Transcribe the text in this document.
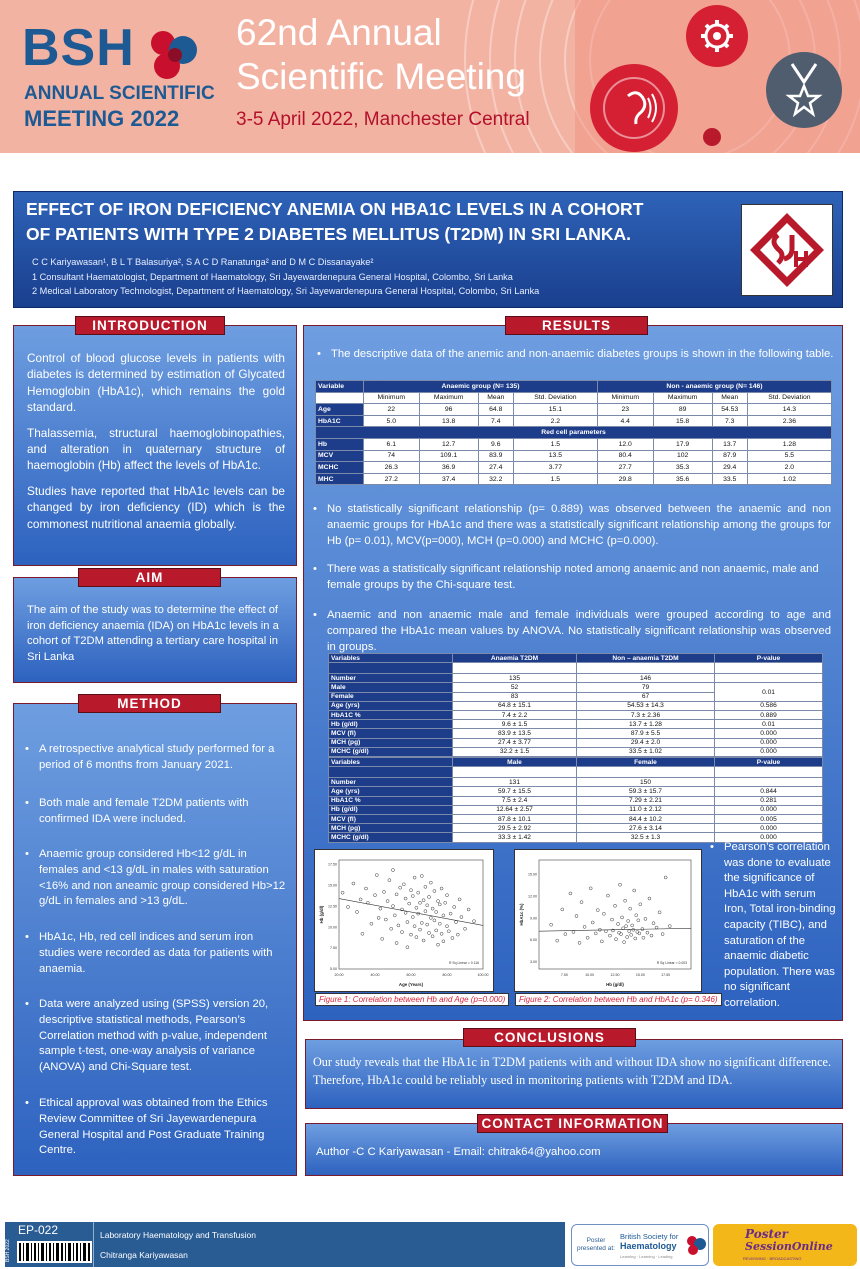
BSH
ANNUAL SCIENTIFIC
MEETING 2022
62nd Annual
Scientific Meeting
3-5 April 2022, Manchester Central
EFFECT OF IRON DEFICIENCY ANEMIA ON HBA1C LEVELS IN A COHORT
OF PATIENTS WITH TYPE 2 DIABETES MELLITUS (T2DM) IN SRI LANKA.
C C Kariyawasan¹, B L T Balasuriya², S A C D Ranatunga² and D M C Dissanayake²
1 Consultant Haematologist, Department of Haematology, Sri Jayewardenepura General Hospital, Colombo, Sri Lanka
2 Medical Laboratory Technologist, Department of Haematology, Sri Jayewardenepura General Hospital, Colombo, Sri Lanka
INTRODUCTION

Control of blood glucose levels in patients with diabetes is determined by estimation of Glycated Hemoglobin (HbA1c), which remains the gold standard.

Thalassemia, structural haemoglobinopathies, and alteration in quaternary structure of haemoglobin (Hb) affect the levels of HbA1c.

Studies have reported that HbA1c levels can be changed by iron deficiency (ID) which is the commonest nutritional anaemia globally.

AIM
The aim of the study was to determine the effect of iron deficiency anaemia (IDA) on HbA1c levels in a cohort of T2DM attending a tertiary care hospital in Sri Lanka
METHOD
• A retrospective analytical study performed for a period of 6 months from January 2021.
• Both male and female T2DM patients with confirmed IDA were included.
• Anaemic group considered Hb<12 g/dL in females and <13 g/dL in males with saturation <16% and non aneamic group considered Hb>12 g/dL in females and >13 g/dL.
• HbA1c, Hb, red cell indices and serum iron studies were recorded as data for patients with anaemia.
• Data were analyzed using (SPSS) version 20, descriptive statistical methods, Pearson’s Correlation method with p-value, independent sample t-test, one-way analysis of variance (ANOVA) and Chi-Square test.
• Ethical approval was obtained from the Ethics Review Committee of Sri Jayewardenepura General Hospital and Post Graduate Training Centre.
RESULTS
• The descriptive data of the anemic and non-anaemic diabetes groups is shown in the following table.
Variable	Anaemic group (N= 135)				Non - anaemic group (N= 146)			
	Minimum	Maximum	Mean	Std. Deviation	Minimum	Maximum	Mean	Std. Deviation
Age	22	96	64.8	15.1	23	89	54.53	14.3
HbA1C	5.0	13.8	7.4	2.2	4.4	15.8	7.3	2.36
Red cell parameters								
Hb	6.1	12.7	9.6	1.5	12.0	17.9	13.7	1.28
MCV	74	109.1	83.9	13.5	80.4	102	87.9	5.5
MCHC	26.3	36.9	27.4	3.77	27.7	35.3	29.4	2.0
MHC	27.2	37.4	32.2	1.5	29.8	35.6	33.5	1.02
• No statistically significant relationship (p= 0.889) was observed between the anaemic and non anaemic groups for HbA1c and there was a statistically significant relationship among the groups for Hb (p= 0.01), MCV(p=000), MCH (p=0.000) and MCHC (p=0.000).
• There was a statistically significant relationship noted among anaemic and non anaemic, male and female groups by the Chi-square test.
• Anaemic and non anaemic male and female individuals were grouped according to age and compared the HbA1c mean values by ANOVA. No statistically significant relationship was observed in groups.
Variables	Anaemia T2DM	Non – anaemia T2DM	P-value

Number	135	146	
Male	52	79	0.01
Female	83	67	
Age (yrs)	64.8 ± 15.1	54.53 ± 14.3	0.586
HbA1C %	7.4 ± 2.2	7.3 ± 2.36	0.889
Hb (g/dl)	9.6 ± 1.5	13.7 ± 1.28	0.01
MCV (fl)	83.9 ± 13.5	87.9 ± 5.5	0.000
MCH (pg)	27.4 ± 3.77	29.4 ± 2.0	0.000
MCHC (g/dl)	32.2 ± 1.5	33.5 ± 1.02	0.000
Variables	Male	Female	P-value

Number	131	150	
Age (yrs)	59.7 ± 15.5	59.3 ± 15.7	0.844
HbA1C %	7.5 ± 2.4	7.29 ± 2.21	0.281
Hb (g/dl)	12.64 ± 2.57	11.0 ± 2.12	0.000
MCV (fl)	87.8 ± 10.1	84.4 ± 10.2	0.005
MCH (pg)	29.5 ± 2.92	27.6 ± 3.14	0.000
MCHC (g/dl)	33.3 ± 1.42	32.5 ± 1.3	0.000
20.00	40.00	60.00	80.00	100.00
5.00
7.50
10.00
12.50
15.00
17.50
R Sq Linear = 0.116
Age (Years)
Hb (g/dl)
Figure 1: Correlation between Hb and Age (p=0.000)
7.50	10.00	12.50	15.00	17.50
3.00
6.00
9.00
12.00
15.00
R Sq Linear = 0.003
Hb (g/dl)
HbA1c (%)
Figure 2: Correlation between Hb and HbA1c (p= 0.346)
• Pearson’s correlation was done to evaluate the significance of HbA1c with serum Iron, Total iron-binding capacity (TIBC), and saturation of the anaemic diabetic population. There was no significant correlation.
CONCLUSIONS
Our study reveals that the HbA1c in T2DM patients with and without IDA show no significant difference. Therefore, HbA1c could be reliably used in monitoring patients with T2DM and IDA.
CONTACT INFORMATION
Author -C C Kariyawasan - Email: chitrak64@yahoo.com
BSH 2022
EP-022	Laboratory Haematology and Transfusion
Chitranga Kariyawasan
Poster presented at:
British Society for
Haematology
Learning · Learning · Leading
Poster
SessionOnline
REVIEWING · BROADCASTING
